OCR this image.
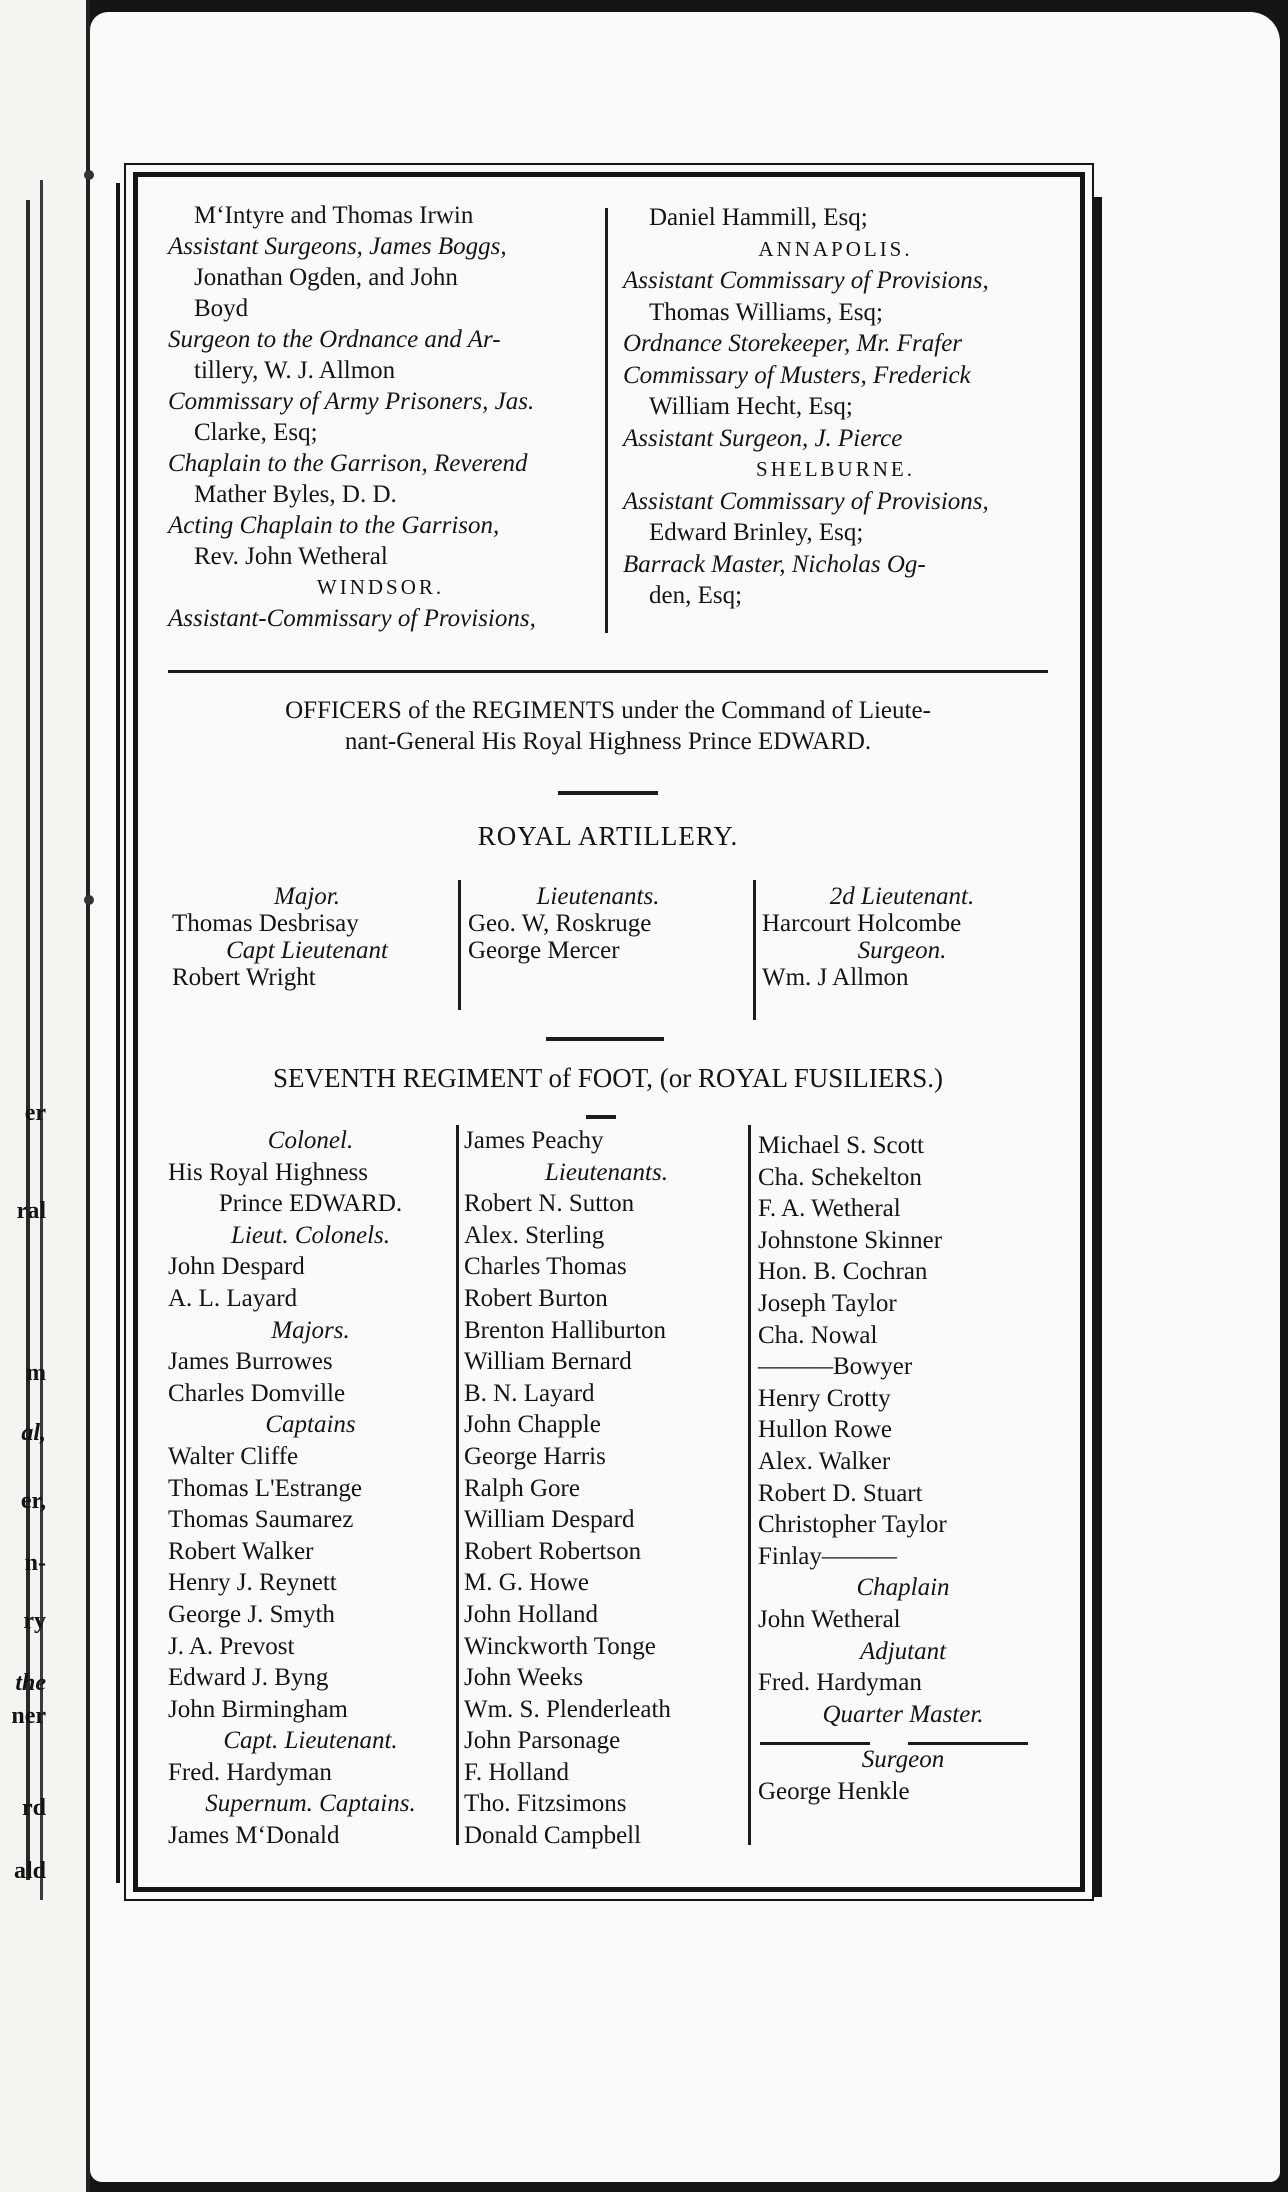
er
ral
m
al,
er,
n-
ry
the
ner
rd
ald
M‘Intyre and Thomas Irwin
Assistant Surgeons, James Boggs,
Jonathan Ogden, and John
Boyd
Surgeon to the Ordnance and Ar-
tillery, W. J. Allmon
Commissary of Army Prisoners, Jas.
Clarke, Esq;
Chaplain to the Garrison, Reverend
Mather Byles, D. D.
Acting Chaplain to the Garrison,
Rev. John Wetheral
WINDSOR.
Assistant-Commissary of Provisions,
Daniel Hammill, Esq;
ANNAPOLIS.
Assistant Commissary of Provisions,
Thomas Williams, Esq;
Ordnance Storekeeper, Mr. Frafer
Commissary of Musters, Frederick
William Hecht, Esq;
Assistant Surgeon, J. Pierce
SHELBURNE.
Assistant Commissary of Provisions,
Edward Brinley, Esq;
Barrack Master, Nicholas Og-
den, Esq;
OFFICERS of the REGIMENTS under the Command of Lieute-
nant-General His Royal Highness Prince EDWARD.
ROYAL ARTILLERY.
Major.
Thomas Desbrisay
Capt Lieutenant
Robert Wright
Lieutenants.
Geo. W, Roskruge
George Mercer
2d Lieutenant.
Harcourt Holcombe
Surgeon.
Wm. J Allmon
SEVENTH REGIMENT of FOOT, (or ROYAL FUSILIERS.)
Colonel.
His Royal Highness
Prince EDWARD.
Lieut. Colonels.
John Despard
A. L. Layard
Majors.
James Burrowes
Charles Domville
Captains
Walter Cliffe
Thomas L'Estrange
Thomas Saumarez
Robert Walker
Henry J. Reynett
George J. Smyth
J. A. Prevost
Edward J. Byng
John Birmingham
Capt. Lieutenant.
Fred. Hardyman
Supernum. Captains.
James M‘Donald
James Peachy
Lieutenants.
Robert N. Sutton
Alex. Sterling
Charles Thomas
Robert Burton
Brenton Halliburton
William Bernard
B. N. Layard
John Chapple
George Harris
Ralph Gore
William Despard
Robert Robertson
M. G. Howe
John Holland
Winckworth Tonge
John Weeks
Wm. S. Plenderleath
John Parsonage
F. Holland
Tho. Fitzsimons
Donald Campbell
Michael S. Scott
Cha. Schekelton
F. A. Wetheral
Johnstone Skinner
Hon. B. Cochran
Joseph Taylor
Cha. Nowal
———Bowyer
Henry Crotty
Hullon Rowe
Alex. Walker
Robert D. Stuart
Christopher Taylor
Finlay———
Chaplain
John Wetheral
Adjutant
Fred. Hardyman
Quarter Master.
Surgeon
George Henkle
